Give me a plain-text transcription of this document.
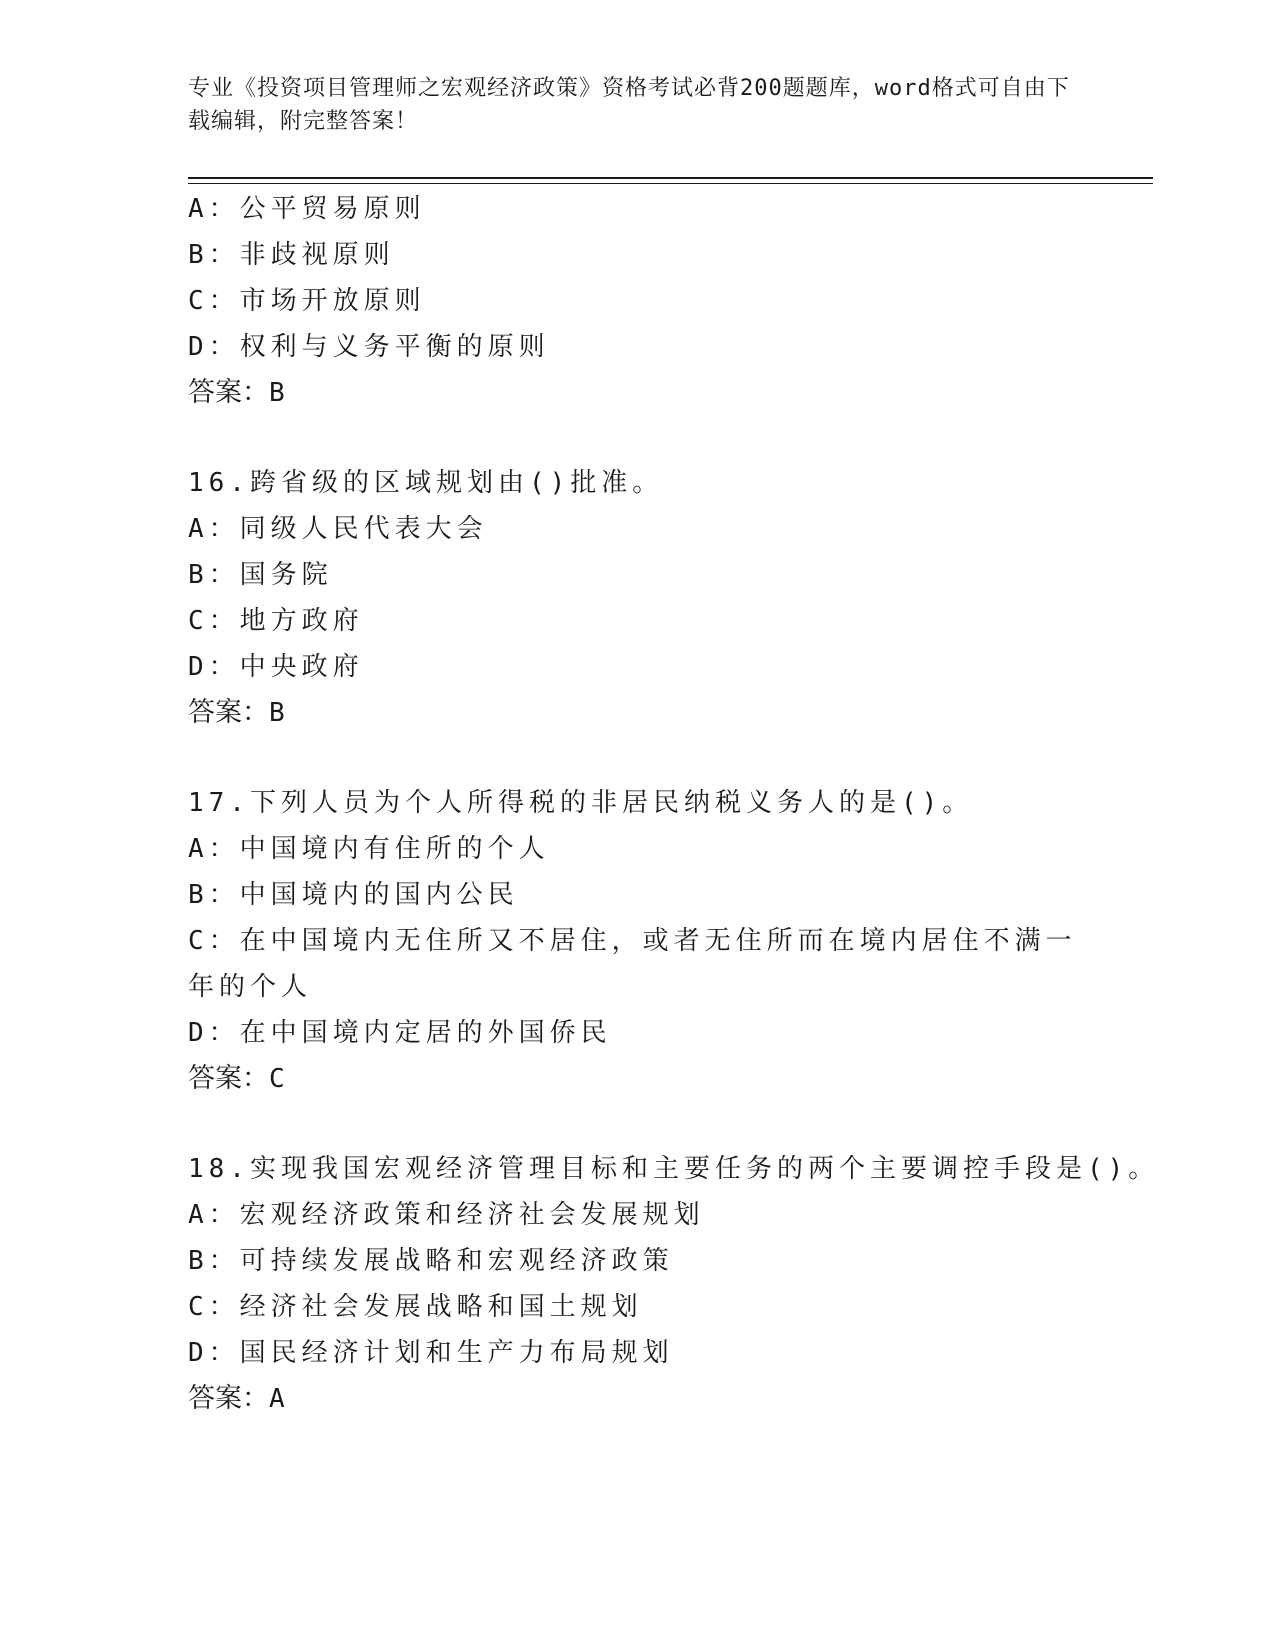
专业《投资项目管理师之宏观经济政策》资格考试必背200题题库，word格式可自由下载编辑，附完整答案！
A：公平贸易原则
B：非歧视原则
C：市场开放原则
D：权利与义务平衡的原则
答案：B
16.跨省级的区域规划由()批准。
A：同级人民代表大会
B：国务院
C：地方政府
D：中央政府
答案：B
17.下列人员为个人所得税的非居民纳税义务人的是()。
A：中国境内有住所的个人
B：中国境内的国内公民
C：在中国境内无住所又不居住，或者无住所而在境内居住不满一年的个人
D：在中国境内定居的外国侨民
答案：C
18.实现我国宏观经济管理目标和主要任务的两个主要调控手段是()。
A：宏观经济政策和经济社会发展规划
B：可持续发展战略和宏观经济政策
C：经济社会发展战略和国土规划
D：国民经济计划和生产力布局规划
答案：A
